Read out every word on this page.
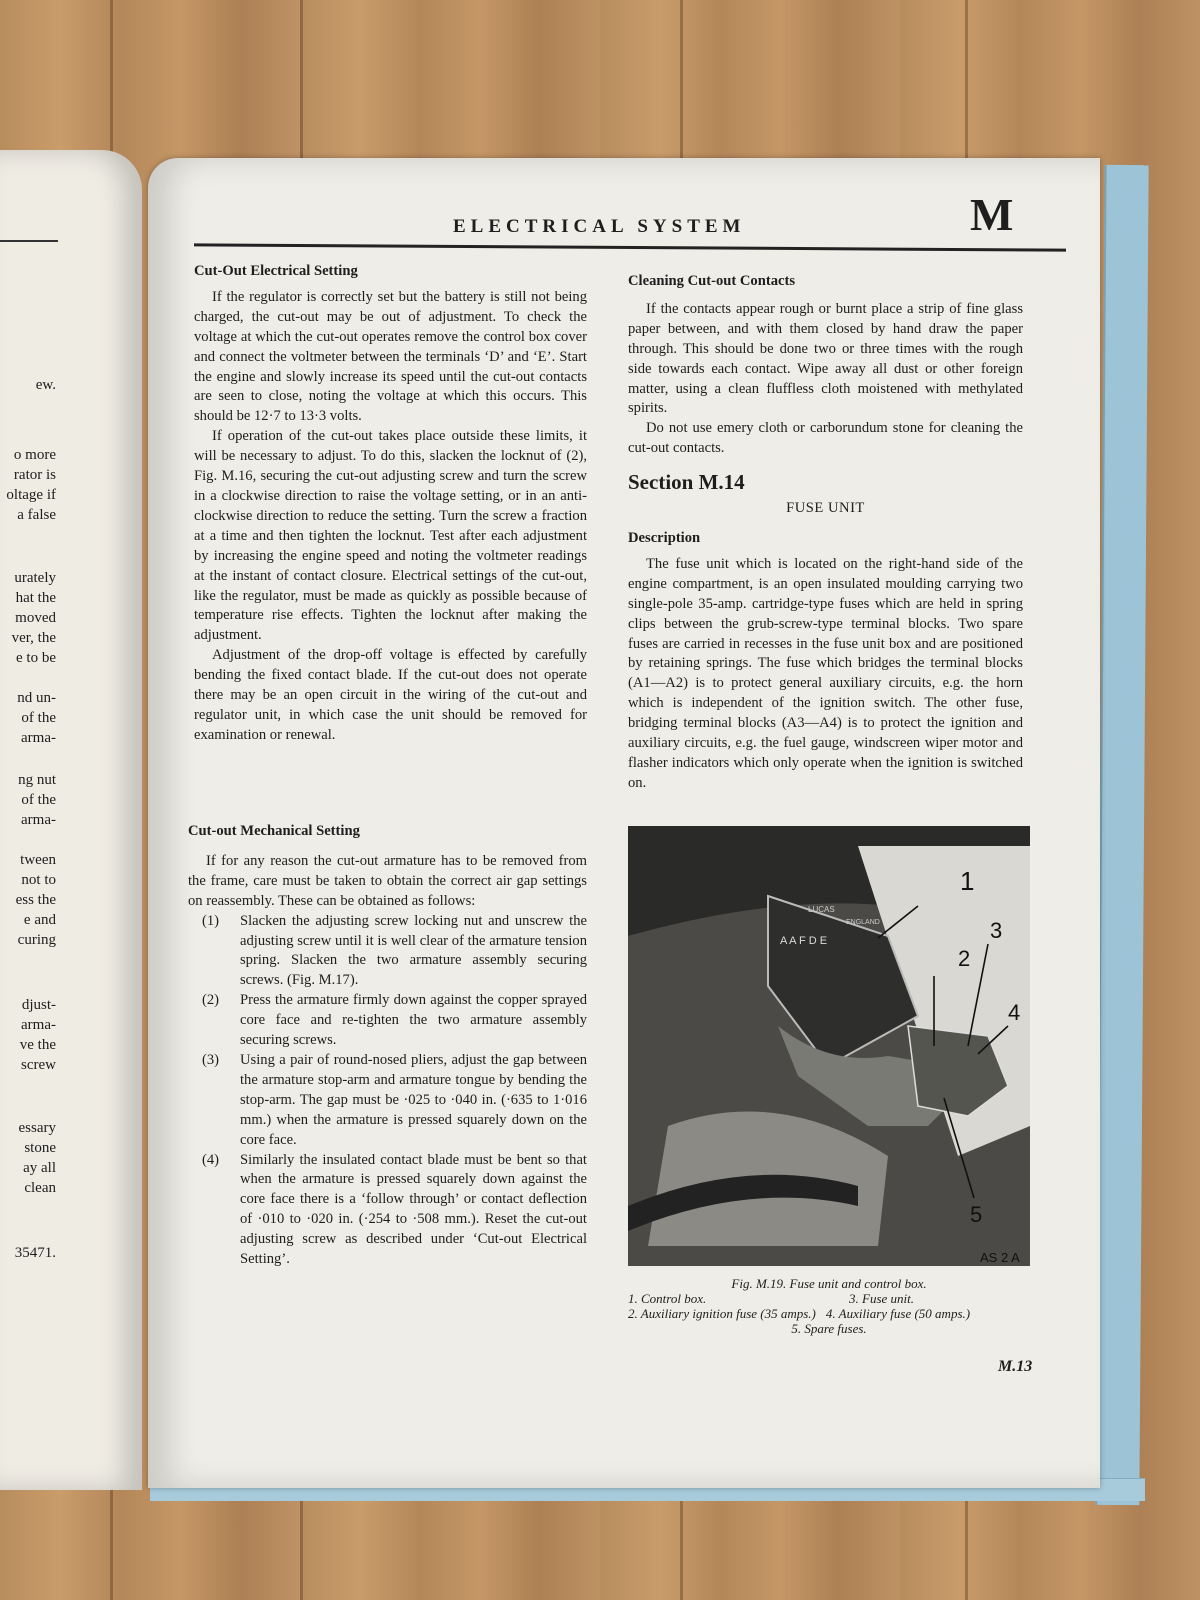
ew.
o more
rator is
oltage if
a false
urately
hat the
moved
ver, the
e to be
nd un-
of the
arma-
ng nut
of the
arma-
tween
not to
ess the
e and
curing
djust-
arma-
ve the
screw
essary
stone
ay all
clean
35471.
ELECTRICAL SYSTEM	M
Cut-Out Electrical Setting

If the regulator is correctly set but the battery is still not being charged, the cut-out may be out of adjustment. To check the voltage at which the cut-out operates remove the control box cover and connect the voltmeter between the terminals ‘D’ and ‘E’. Start the engine and slowly increase its speed until the cut-out contacts are seen to close, noting the voltage at which this occurs. This should be 12·7 to 13·3 volts.

If operation of the cut-out takes place outside these limits, it will be necessary to adjust. To do this, slacken the locknut of (2), Fig. M.16, securing the cut-out adjusting screw and turn the screw in a clockwise direction to raise the voltage setting, or in an anti-clockwise direction to reduce the setting. Turn the screw a fraction at a time and then tighten the locknut. Test after each adjustment by increasing the engine speed and noting the voltmeter readings at the instant of contact closure. Electrical settings of the cut-out, like the regulator, must be made as quickly as possible because of temperature rise effects. Tighten the locknut after making the adjustment.

Adjustment of the drop-off voltage is effected by carefully bending the fixed contact blade. If the cut-out does not operate there may be an open circuit in the wiring of the cut-out and regulator unit, in which case the unit should be removed for examination or renewal.

Cut-out Mechanical Setting

If for any reason the cut-out armature has to be removed from the frame, care must be taken to obtain the correct air gap settings on reassembly. These can be obtained as follows:

(1)	Slacken the adjusting screw locking nut and unscrew the adjusting screw until it is well clear of the armature tension spring. Slacken the two armature assembly securing screws. (Fig. M.17).
(2)	Press the armature firmly down against the copper sprayed core face and re-tighten the two armature assembly securing screws.
(3)	Using a pair of round-nosed pliers, adjust the gap between the armature stop-arm and armature tongue by bending the stop-arm. The gap must be ·025 to ·040 in. (·635 to 1·016 mm.) when the armature is pressed squarely down on the core face.
(4)	Similarly the insulated contact blade must be bent so that when the armature is pressed squarely down against the core face there is a ‘follow through’ or contact deflection of ·010 to ·020 in. (·254 to ·508 mm.). Reset the cut-out adjusting screw as described under ‘Cut-out Electrical Setting’.
Cleaning Cut-out Contacts

If the contacts appear rough or burnt place a strip of fine glass paper between, and with them closed by hand draw the paper through. This should be done two or three times with the rough side towards each contact. Wipe away all dust or other foreign matter, using a clean fluffless cloth moistened with methylated spirits.

Do not use emery cloth or carborundum stone for cleaning the cut-out contacts.

Section M.14
FUSE UNIT
Description

The fuse unit which is located on the right-hand side of the engine compartment, is an open insulated moulding carrying two single-pole 35-amp. cartridge-type fuses which are held in spring clips between the grub-screw-type terminal blocks. Two spare fuses are carried in recesses in the fuse unit box and are positioned by retaining springs. The fuse which bridges the terminal blocks (A1—A2) is to protect general auxiliary circuits, e.g. the horn which is independent of the ignition switch. The other fuse, bridging terminal blocks (A3—A4) is to protect the ignition and auxiliary circuits, e.g. the fuel gauge, windscreen wiper motor and flasher indicators which only operate when the ignition is switched on.

LUCAS
ENGLAND
A A F D E
1
2
3
4
5
AS 2 A
Fig. M.19. Fuse unit and control box.
1. Control box.	3. Fuse unit.
2. Auxiliary ignition fuse (35 amps.) 4. Auxiliary fuse (50 amps.)
5. Spare fuses.
M.13
